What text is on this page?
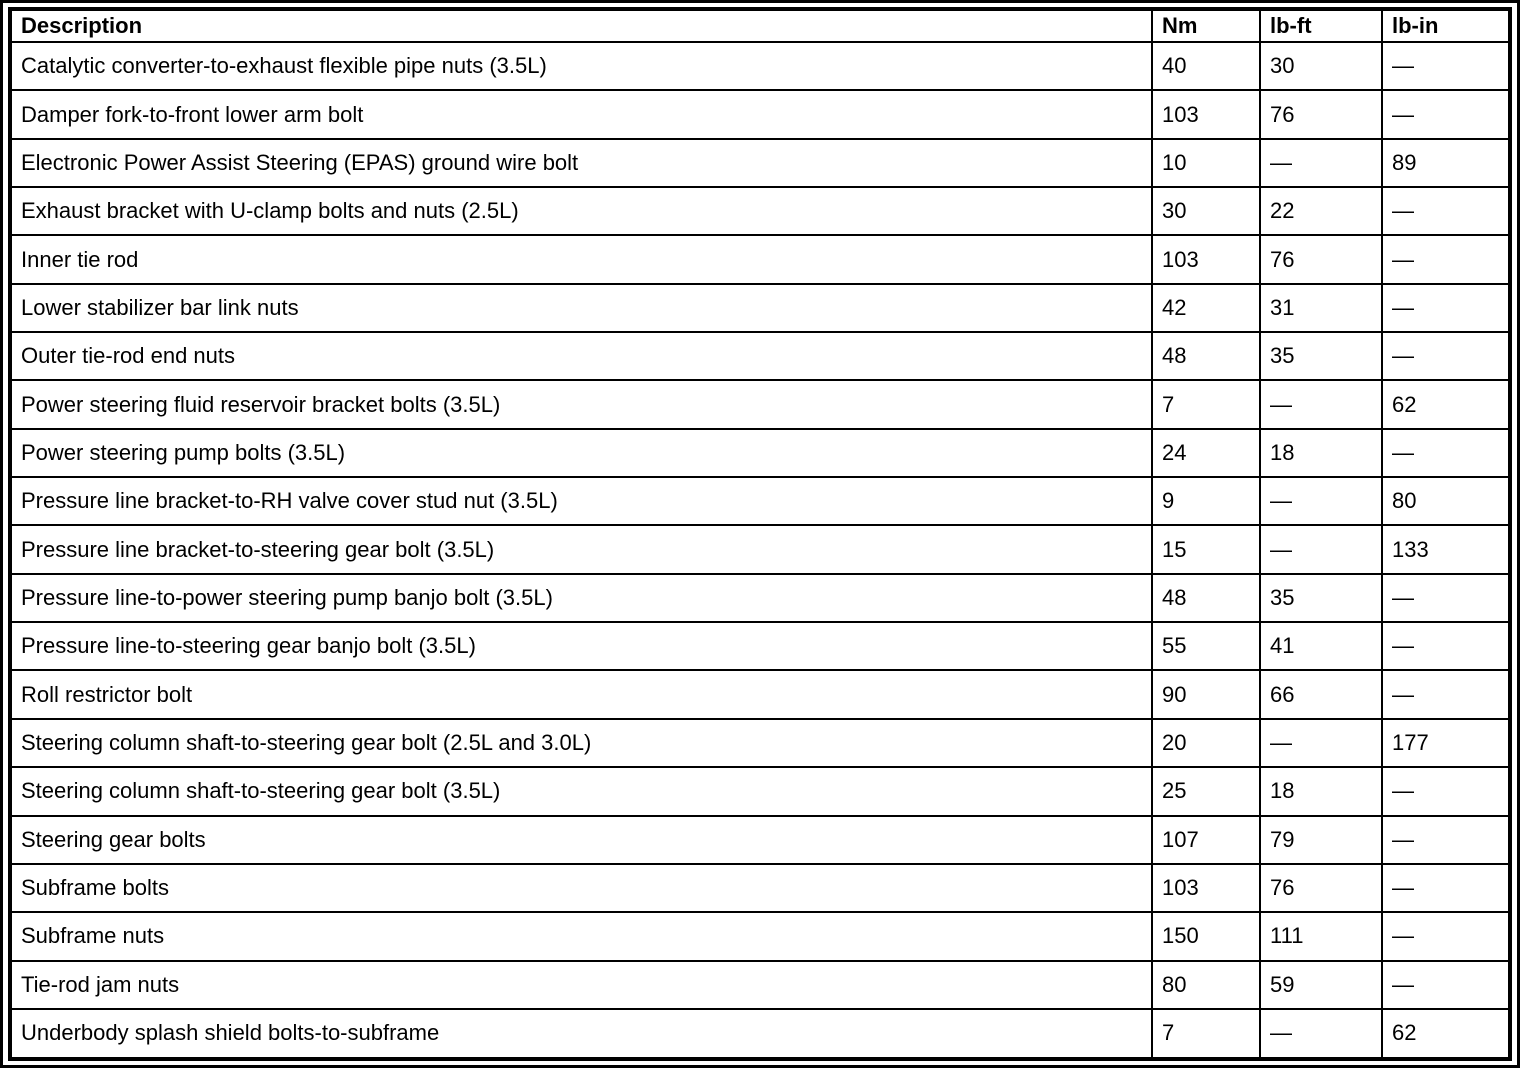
Description	Nm	lb-ft	lb-in
Catalytic converter-to-exhaust flexible pipe nuts (3.5L)	40	30	—
Damper fork-to-front lower arm bolt	103	76	—
Electronic Power Assist Steering (EPAS) ground wire bolt	10	—	89
Exhaust bracket with U-clamp bolts and nuts (2.5L)	30	22	—
Inner tie rod	103	76	—
Lower stabilizer bar link nuts	42	31	—
Outer tie-rod end nuts	48	35	—
Power steering fluid reservoir bracket bolts (3.5L)	7	—	62
Power steering pump bolts (3.5L)	24	18	—
Pressure line bracket-to-RH valve cover stud nut (3.5L)	9	—	80
Pressure line bracket-to-steering gear bolt (3.5L)	15	—	133
Pressure line-to-power steering pump banjo bolt (3.5L)	48	35	—
Pressure line-to-steering gear banjo bolt (3.5L)	55	41	—
Roll restrictor bolt	90	66	—
Steering column shaft-to-steering gear bolt (2.5L and 3.0L)	20	—	177
Steering column shaft-to-steering gear bolt (3.5L)	25	18	—
Steering gear bolts	107	79	—
Subframe bolts	103	76	—
Subframe nuts	150	111	—
Tie-rod jam nuts	80	59	—
Underbody splash shield bolts-to-subframe	7	—	62
